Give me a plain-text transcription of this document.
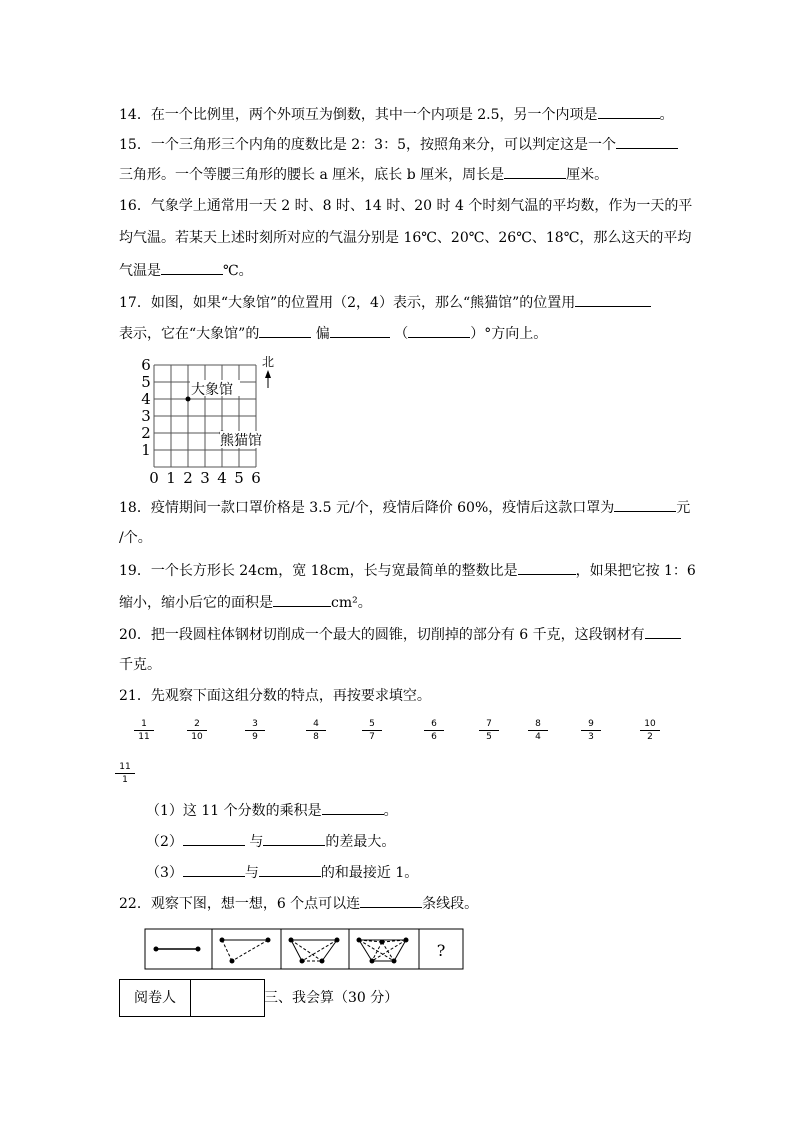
14．在一个比例里，两个外项互为倒数，其中一个内项是 2.5，另一个内项是	。
15．一个三角形三个内角的度数比是 2：3：5，按照角来分，可以判定这是一个
三角形。一个等腰三角形的腰长 a 厘米，底长 b 厘米，周长是	厘米。
16．气象学上通常用一天 2 时、8 时、14 时、20 时 4 个时刻气温的平均数，作为一天的平
均气温。若某天上述时刻所对应的气温分别是 16℃、20℃、26℃、18℃，那么这天的平均
气温是	℃。
17．如图，如果“大象馆”的位置用（2，4）表示，那么“熊猫馆”的位置用
表示，它在“大象馆”的	偏	（	）°方向上。
6
5
4
3
2
1
0 1 2 3 4 5 6
大象馆
熊猫馆
北
18．疫情期间一款口罩价格是 3.5 元/个，疫情后降价 60%，疫情后这款口罩为	元
/个。
19．一个长方形长 24cm，宽 18cm，长与宽最简单的整数比是	，如果把它按 1：6
缩小，缩小后它的面积是	cm²。
20．把一段圆柱体钢材切削成一个最大的圆锥，切削掉的部分有 6 千克，这段钢材有
千克。
21．先观察下面这组分数的特点，再按要求填空。
$\frac{1}{11}$	$\frac{2}{10}$	$\frac{3}{9}$	$\frac{4}{8}$	$\frac{5}{7}$	$\frac{6}{6}$	$\frac{7}{5}$	$\frac{8}{4}$	$\frac{9}{3}$	$\frac{10}{2}$
$\frac{11}{1}$
（1）这 11 个分数的乘积是	。
（2）	与	的差最大。
（3）	与	的和最接近 1。
22．观察下图，想一想，6 个点可以连	条线段。
?
阅卷人	三、我会算（30 分）
